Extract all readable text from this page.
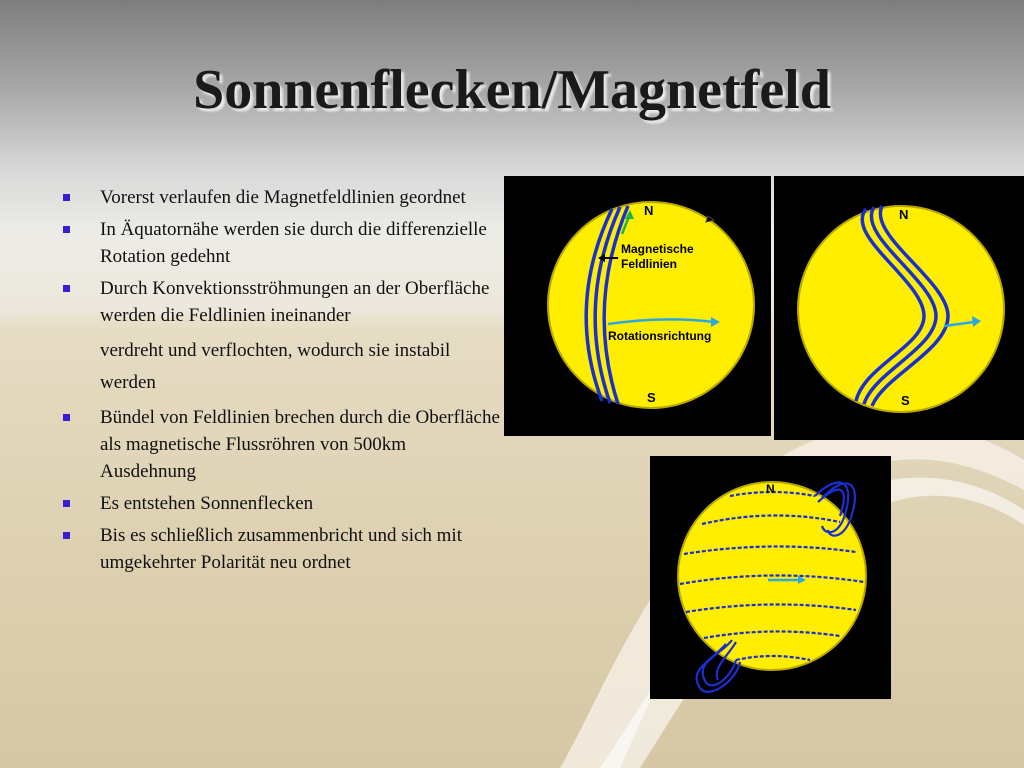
Sonnenflecken/Magnetfeld
Vorerst verlaufen die Magnetfeldlinien geordnet
In Äquatornähe werden sie durch die differenzielle Rotation gedehnt
Durch Konvektionsströhmungen an der Oberfläche werden die Feldlinien ineinander
verdreht und verflochten, wodurch sie instabil werden
Bündel von Feldlinien brechen durch die Oberfläche als magnetische Flussröhren von 500km Ausdehnung
Es entstehen Sonnenflecken
Bis es schließlich zusammenbricht und sich mit umgekehrter Polarität neu ordnet
N
S
Magnetische
Feldlinien
Rotationsrichtung
N
S
N
